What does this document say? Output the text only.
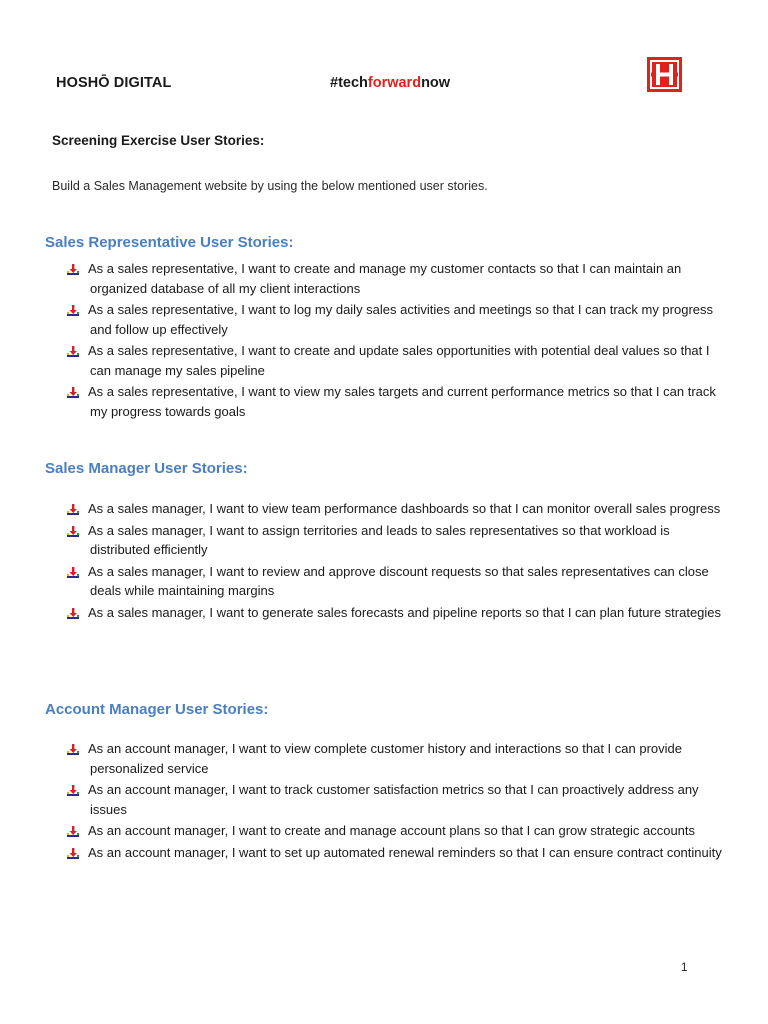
HOSHŌ DIGITAL	#techforwardnow
Screening Exercise User Stories:
Build a Sales Management website by using the below mentioned user stories.
Sales Representative User Stories:
As a sales representative, I want to create and manage my customer contacts so that I can maintain an organized database of all my client interactions
As a sales representative, I want to log my daily sales activities and meetings so that I can track my progress and follow up effectively
As a sales representative, I want to create and update sales opportunities with potential deal values so that I can manage my sales pipeline
As a sales representative, I want to view my sales targets and current performance metrics so that I can track my progress towards goals
Sales Manager User Stories:
As a sales manager, I want to view team performance dashboards so that I can monitor overall sales progress
As a sales manager, I want to assign territories and leads to sales representatives so that workload is distributed efficiently
As a sales manager, I want to review and approve discount requests so that sales representatives can close deals while maintaining margins
As a sales manager, I want to generate sales forecasts and pipeline reports so that I can plan future strategies
Account Manager User Stories:
As an account manager, I want to view complete customer history and interactions so that I can provide personalized service
As an account manager, I want to track customer satisfaction metrics so that I can proactively address any issues
As an account manager, I want to create and manage account plans so that I can grow strategic accounts
As an account manager, I want to set up automated renewal reminders so that I can ensure contract continuity
1
